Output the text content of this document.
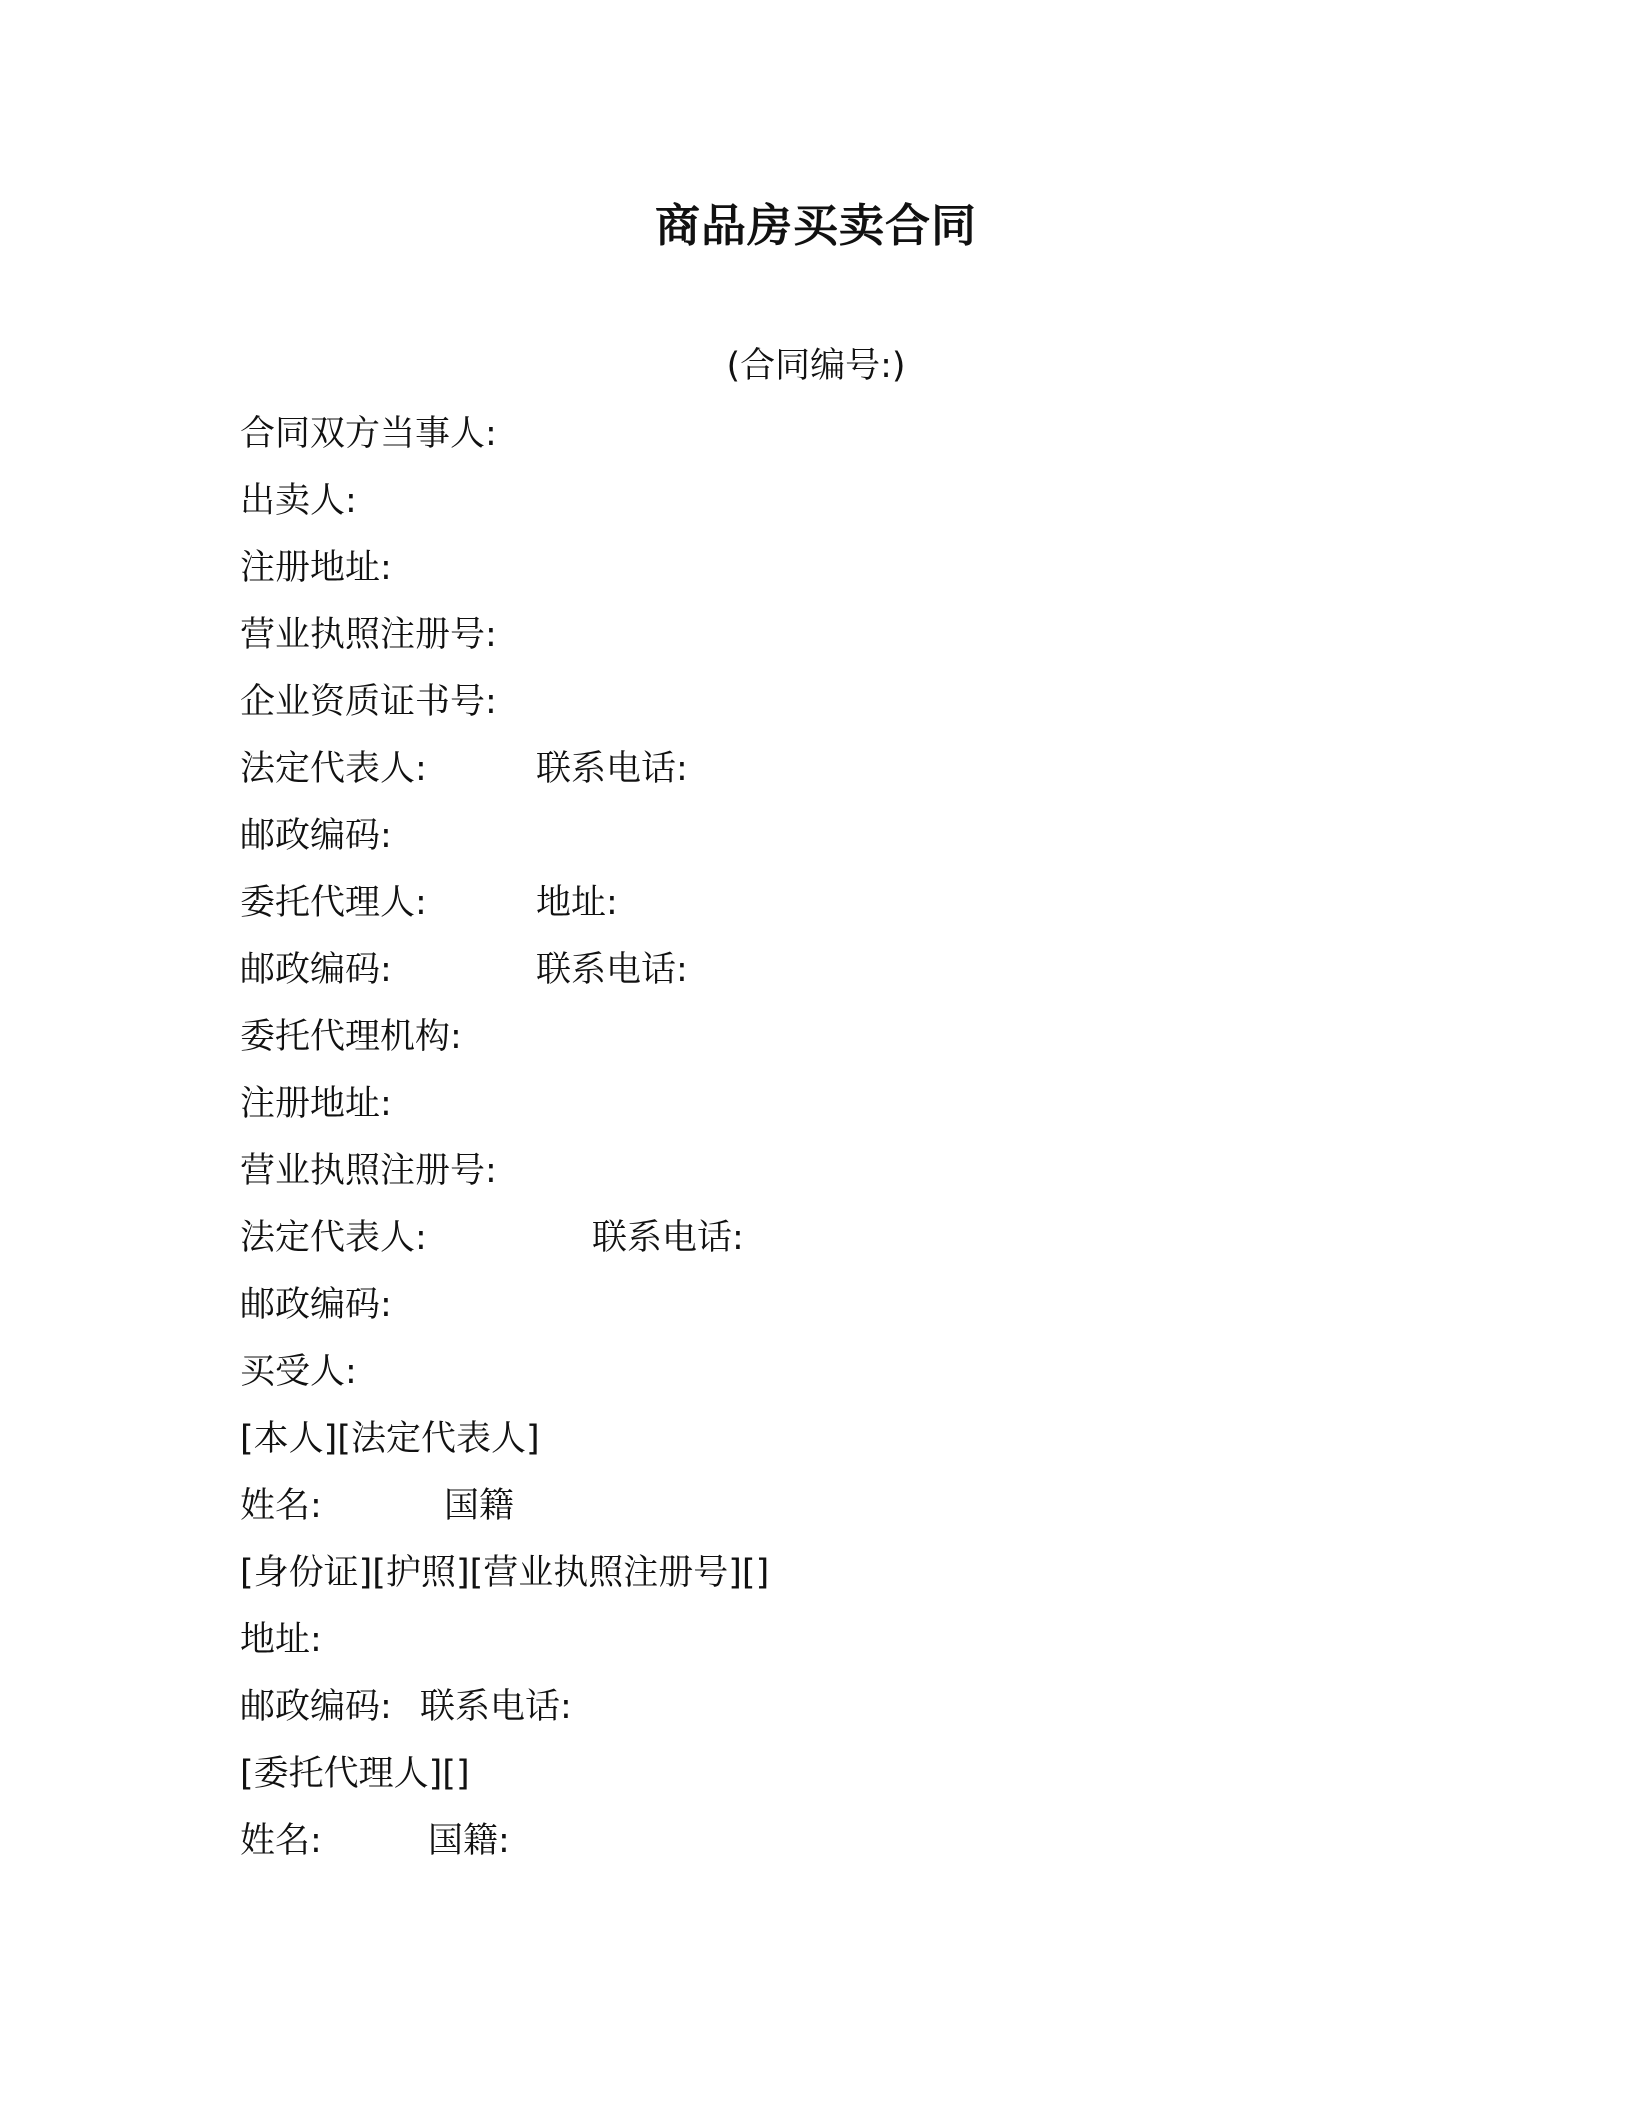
商品房买卖合同
(合同编号:)
合同双方当事人:
出卖人:
注册地址:
营业执照注册号:
企业资质证书号:
法定代表人:	联系电话:
邮政编码:
委托代理人:	地址:
邮政编码:	联系电话:
委托代理机构:
注册地址:
营业执照注册号:
法定代表人:	联系电话:
邮政编码:
买受人:
[本人][法定代表人]
姓名:	国籍
[身份证][护照][营业执照注册号][]
地址:
邮政编码: 联系电话:
[委托代理人][]
姓名:	国籍:
